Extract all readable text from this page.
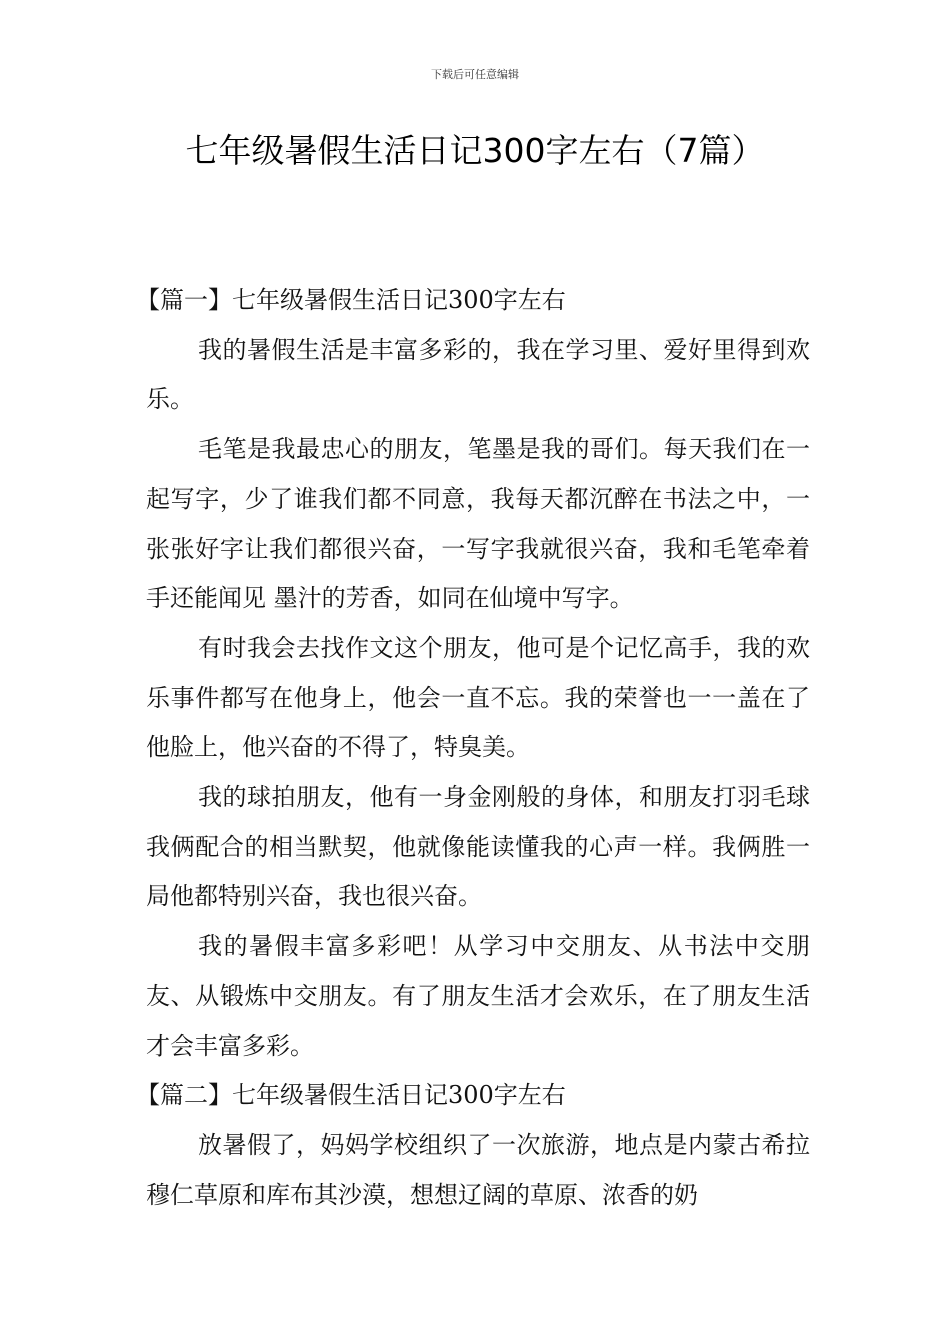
下载后可任意编辑
七年级暑假生活日记300字左右（7篇）

【篇一】七年级暑假生活日记300字左右

我的暑假生活是丰富多彩的，我在学习里、爱好里得到欢乐。

毛笔是我最忠心的朋友，笔墨是我的哥们。每天我们在一起写字，少了谁我们都不同意，我每天都沉醉在书法之中，一张张好字让我们都很兴奋，一写字我就很兴奋，我和毛笔牵着手还能闻见 墨汁的芳香，如同在仙境中写字。

有时我会去找作文这个朋友，他可是个记忆高手，我的欢乐事件都写在他身上，他会一直不忘。我的荣誉也一一盖在了他脸上，他兴奋的不得了，特臭美。

我的球拍朋友，他有一身金刚般的身体，和朋友打羽毛球我俩配合的相当默契，他就像能读懂我的心声一样。我俩胜一局他都特别兴奋，我也很兴奋。

我的暑假丰富多彩吧！从学习中交朋友、从书法中交朋友、从锻炼中交朋友。有了朋友生活才会欢乐，在了朋友生活才会丰富多彩。

【篇二】七年级暑假生活日记300字左右

放暑假了，妈妈学校组织了一次旅游，地点是内蒙古希拉穆仁草原和库布其沙漠，想想辽阔的草原、浓香的奶
